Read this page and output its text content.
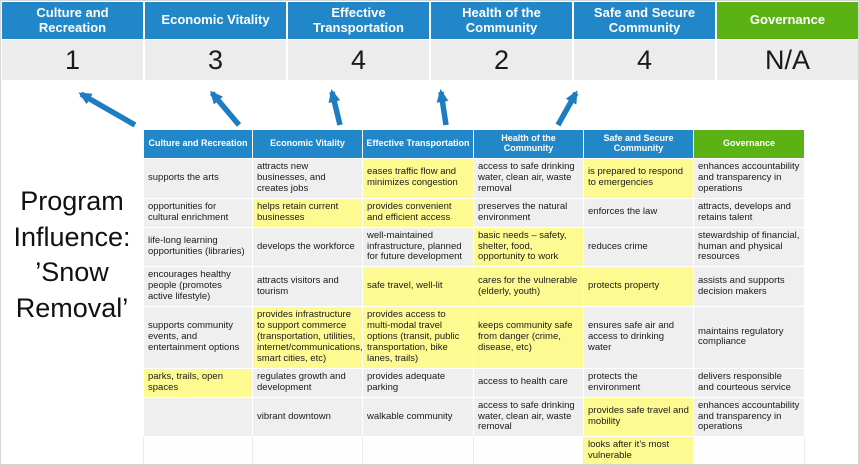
Culture and Recreation
1
Economic Vitality
3
Effective Transportation
4
Health of the Community
2
Safe and Secure Community
4
Governance
N/A
Program Influence: ’Snow Removal’
Culture and Recreation	Economic Vitality	Effective Transportation	Health of the Community	Safe and Secure Community	Governance
supports the arts	attracts new businesses, and creates jobs	eases traffic flow and minimizes congestion	access to safe drinking water, clean air, waste removal	is prepared to respond to emergencies	enhances accountability and transparency in operations
opportunities for cultural enrichment	helps retain current businesses	provides convenient and efficient access	preserves the natural environment	enforces the law	attracts, develops and retains talent
life-long learning opportunities (libraries)	develops the workforce	well-maintained infrastructure, planned for future development	basic needs – safety, shelter, food, opportunity to work	reduces crime	stewardship of financial, human and physical resources
encourages healthy people (promotes active lifestyle)	attracts visitors and tourism	safe travel, well-lit	cares for the vulnerable (elderly, youth)	protects property	assists and supports decision makers
supports community events, and entertainment options	provides infrastructure to support commerce (transportation, utilities, internet/communications, smart cities, etc)	provides access to multi-modal travel options (transit, public transportation, bike lanes, trails)	keeps community safe from danger (crime, disease, etc)	ensures safe air and access to drinking water	maintains regulatory compliance
parks, trails, open spaces	regulates growth and development	provides adequate parking	access to health care	protects the environment	delivers responsible and courteous service
	vibrant downtown	walkable community	access to safe drinking water, clean air, waste removal	provides safe travel and mobility	enhances accountability and transparency in operations
				looks after it’s most vulnerable	
